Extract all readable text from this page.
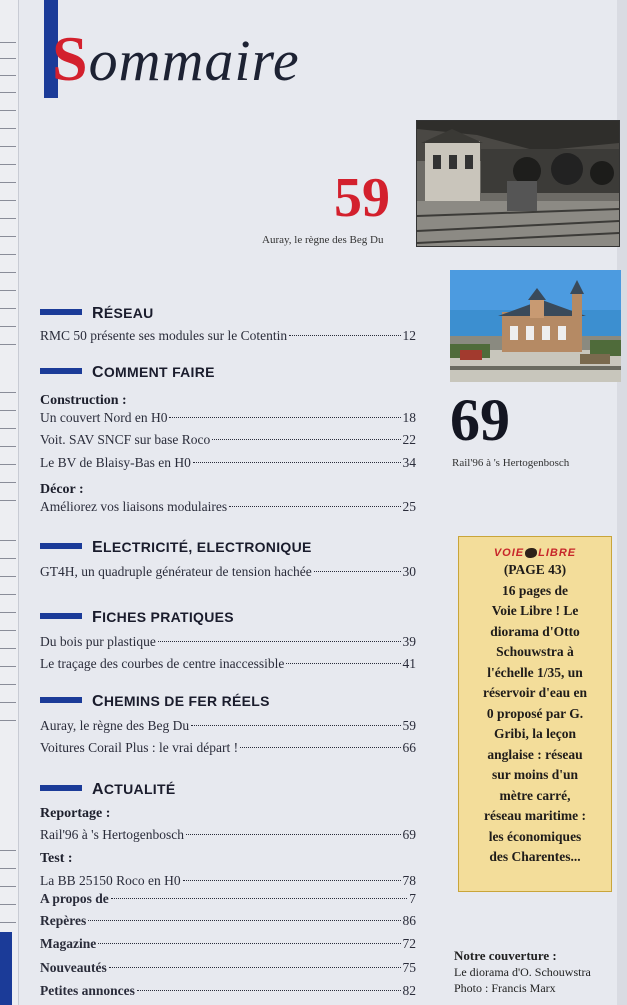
Sommaire
59
Auray, le règne des Beg Du
69
Rail'96 à 's Hertogenbosch
RÉSEAU
RMC 50 présente ses modules sur le Cotentin	12
COMMENT FAIRE
Construction :
Un couvert Nord en H0	18
Voit. SAV SNCF sur base Roco	22
Le BV de Blaisy-Bas en H0	34
Décor :
Améliorez vos liaisons modulaires	25
ELECTRICITÉ, ELECTRONIQUE
GT4H, un quadruple générateur de tension hachée	30
FICHES PRATIQUES
Du bois pur plastique	39
Le traçage des courbes de centre inaccessible	41
CHEMINS DE FER RÉELS
Auray, le règne des Beg Du	59
Voitures Corail Plus : le vrai départ !	66
ACTUALITÉ
Reportage :
Rail'96 à 's Hertogenbosch	69
Test :
La BB 25150 Roco en H0	78
A propos de	7
Repères	86
Magazine	72
Nouveautés	75
Petites annonces	82
VOIE LIBRE
(PAGE 43)
16 pages de
Voie Libre ! Le
diorama d'Otto
Schouwstra à
l'échelle 1/35, un
réservoir d'eau en
0 proposé par G.
Gribi, la leçon
anglaise : réseau
sur moins d'un
mètre carré,
réseau maritime :
les économiques
des Charentes...
Notre couverture :
Le diorama d'O. Schouwstra
Photo : Francis Marx
